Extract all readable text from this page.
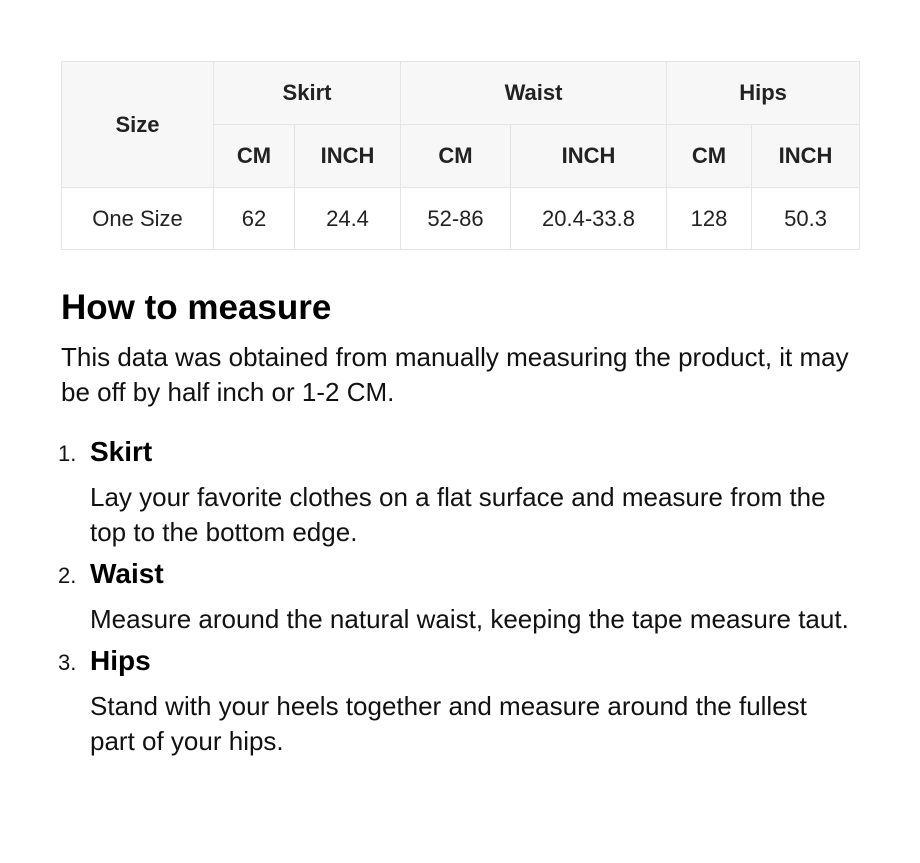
Size	Skirt		Waist		Hips	
	CM	INCH	CM	INCH	CM	INCH
One Size	62	24.4	52-86	20.4-33.8	128	50.3
How to measure

This data was obtained from manually measuring the product, it may be off by half inch or 1-2 CM.

1. Skirt
Lay your favorite clothes on a flat surface and measure from the top to the bottom edge.
2. Waist
Measure around the natural waist, keeping the tape measure taut.
3. Hips
Stand with your heels together and measure around the fullest part of your hips.
